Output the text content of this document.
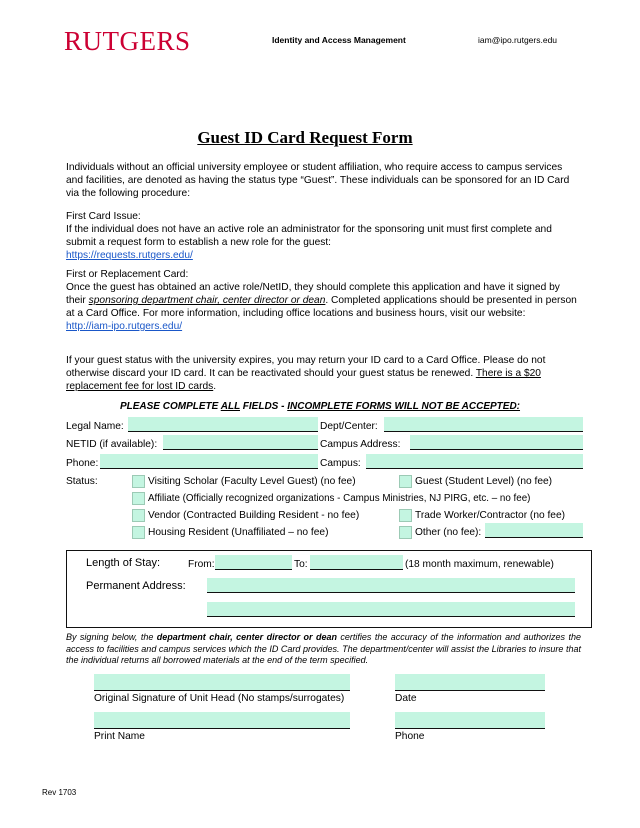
RUTGERS	Identity and Access Management	iam@ipo.rutgers.edu
Guest ID Card Request Form
Individuals without an official university employee or student affiliation, who require access to campus services and facilities, are denoted as having the status type “Guest”. These individuals can be sponsored for an ID Card via the following procedure:
First Card Issue:
If the individual does not have an active role an administrator for the sponsoring unit must first complete and submit a request form to establish a new role for the guest:
https://requests.rutgers.edu/
First or Replacement Card:
Once the guest has obtained an active role/NetID, they should complete this application and have it signed by their sponsoring department chair, center director or dean. Completed applications should be presented in person at a Card Office. For more information, including office locations and business hours, visit our website:
http://iam-ipo.rutgers.edu/
If your guest status with the university expires, you may return your ID card to a Card Office. Please do not otherwise discard your ID card. It can be reactivated should your guest status be renewed. There is a $20 replacement fee for lost ID cards.
PLEASE COMPLETE ALL FIELDS - INCOMPLETE FORMS WILL NOT BE ACCEPTED:
Legal Name:	Dept/Center:
NETID (if available):	Campus Address:
Phone:	Campus:
Status:	Visiting Scholar (Faculty Level Guest) (no fee)	Guest (Student Level) (no fee)
Affiliate (Officially recognized organizations - Campus Ministries, NJ PIRG, etc. – no fee)
Vendor (Contracted Building Resident - no fee)	Trade Worker/Contractor (no fee)
Housing Resident (Unaffiliated – no fee)	Other (no fee):
Length of Stay:	From:	To:	(18 month maximum, renewable)
Permanent Address:
By signing below, the department chair, center director or dean certifies the accuracy of the information and authorizes the access to facilities and campus services which the ID Card provides. The department/center will assist the Libraries to insure that the individual returns all borrowed materials at the end of the term specified.
Original Signature of Unit Head (No stamps/surrogates)	Date
Print Name	Phone
Rev 1703
